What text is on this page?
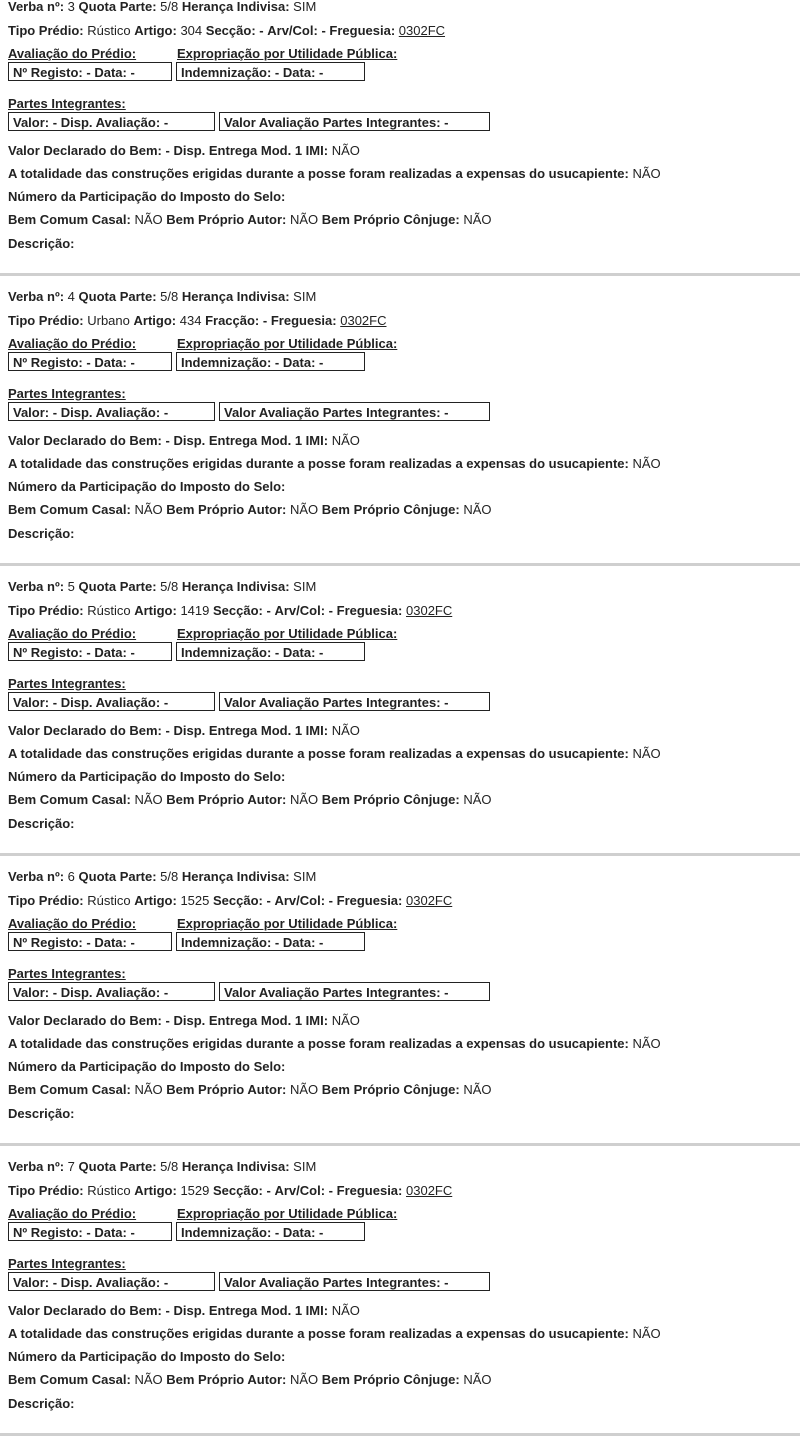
Verba nº: 3 Quota Parte: 5/8 Herança Indivisa: SIM
Tipo Prédio: Rústico Artigo: 304 Secção: - Arv/Col: - Freguesia: 0302FC
Avaliação do Prédio:	Expropriação por Utilidade Pública:
Nº Registo: - Data: -	Indemnização: - Data: -
Partes Integrantes:
Valor: - Disp. Avaliação: -	Valor Avaliação Partes Integrantes: -
Valor Declarado do Bem: - Disp. Entrega Mod. 1 IMI: NÃO
A totalidade das construções erigidas durante a posse foram realizadas a expensas do usucapiente: NÃO
Número da Participação do Imposto do Selo:
Bem Comum Casal: NÃO Bem Próprio Autor: NÃO Bem Próprio Cônjuge: NÃO
Descrição:
Verba nº: 4 Quota Parte: 5/8 Herança Indivisa: SIM
Tipo Prédio: Urbano Artigo: 434 Fracção: - Freguesia: 0302FC
Avaliação do Prédio:	Expropriação por Utilidade Pública:
Nº Registo: - Data: -	Indemnização: - Data: -
Partes Integrantes:
Valor: - Disp. Avaliação: -	Valor Avaliação Partes Integrantes: -
Valor Declarado do Bem: - Disp. Entrega Mod. 1 IMI: NÃO
A totalidade das construções erigidas durante a posse foram realizadas a expensas do usucapiente: NÃO
Número da Participação do Imposto do Selo:
Bem Comum Casal: NÃO Bem Próprio Autor: NÃO Bem Próprio Cônjuge: NÃO
Descrição:
Verba nº: 5 Quota Parte: 5/8 Herança Indivisa: SIM
Tipo Prédio: Rústico Artigo: 1419 Secção: - Arv/Col: - Freguesia: 0302FC
Avaliação do Prédio:	Expropriação por Utilidade Pública:
Nº Registo: - Data: -	Indemnização: - Data: -
Partes Integrantes:
Valor: - Disp. Avaliação: -	Valor Avaliação Partes Integrantes: -
Valor Declarado do Bem: - Disp. Entrega Mod. 1 IMI: NÃO
A totalidade das construções erigidas durante a posse foram realizadas a expensas do usucapiente: NÃO
Número da Participação do Imposto do Selo:
Bem Comum Casal: NÃO Bem Próprio Autor: NÃO Bem Próprio Cônjuge: NÃO
Descrição:
Verba nº: 6 Quota Parte: 5/8 Herança Indivisa: SIM
Tipo Prédio: Rústico Artigo: 1525 Secção: - Arv/Col: - Freguesia: 0302FC
Avaliação do Prédio:	Expropriação por Utilidade Pública:
Nº Registo: - Data: -	Indemnização: - Data: -
Partes Integrantes:
Valor: - Disp. Avaliação: -	Valor Avaliação Partes Integrantes: -
Valor Declarado do Bem: - Disp. Entrega Mod. 1 IMI: NÃO
A totalidade das construções erigidas durante a posse foram realizadas a expensas do usucapiente: NÃO
Número da Participação do Imposto do Selo:
Bem Comum Casal: NÃO Bem Próprio Autor: NÃO Bem Próprio Cônjuge: NÃO
Descrição:
Verba nº: 7 Quota Parte: 5/8 Herança Indivisa: SIM
Tipo Prédio: Rústico Artigo: 1529 Secção: - Arv/Col: - Freguesia: 0302FC
Avaliação do Prédio:	Expropriação por Utilidade Pública:
Nº Registo: - Data: -	Indemnização: - Data: -
Partes Integrantes:
Valor: - Disp. Avaliação: -	Valor Avaliação Partes Integrantes: -
Valor Declarado do Bem: - Disp. Entrega Mod. 1 IMI: NÃO
A totalidade das construções erigidas durante a posse foram realizadas a expensas do usucapiente: NÃO
Número da Participação do Imposto do Selo:
Bem Comum Casal: NÃO Bem Próprio Autor: NÃO Bem Próprio Cônjuge: NÃO
Descrição:
